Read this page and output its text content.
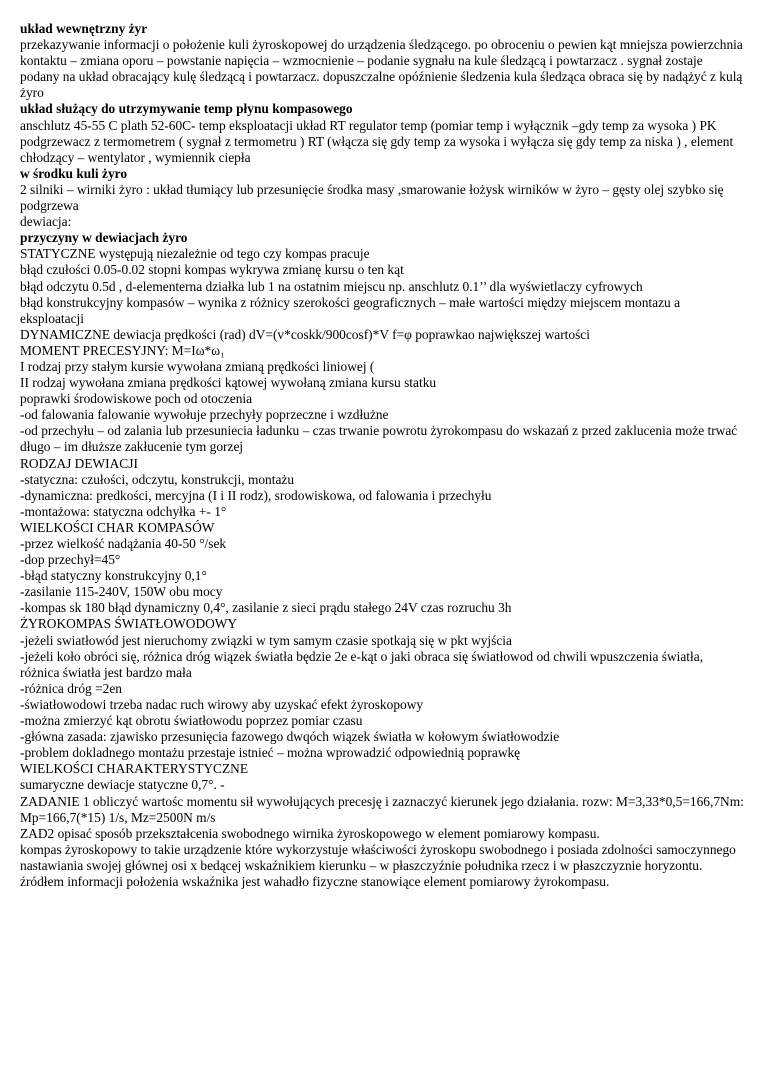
układ wewnętrzny żyr

przekazywanie informacji o położenie kuli żyroskopowej do urządzenia śledzącego. po obroceniu o pewien kąt mniejsza powierzchnia kontaktu – zmiana oporu – powstanie napięcia – wzmocnienie – podanie sygnału na kule śledzącą i powtarzacz . sygnał zostaje podany na układ obracający kulę śledzącą i powtarzacz. dopuszczalne opóźnienie śledzenia kula śledząca obraca się by nadążyć z kulą żyro

układ służący do utrzymywanie temp płynu kompasowego

anschlutz 45-55 C plath 52-60C- temp eksploatacji układ RT regulator temp (pomiar temp i wyłącznik –gdy temp za wysoka ) PK podgrzewacz z termometrem ( sygnał z termometru ) RT (włącza się gdy temp za wysoka i wyłącza się gdy temp za niska ) , element chłodzący – wentylator , wymiennik ciepła

w środku kuli żyro

2 silniki – wirniki żyro : układ tłumiący lub przesunięcie środka masy ,smarowanie łożysk wirników w żyro – gęsty olej szybko się podgrzewa

dewiacja:

przyczyny w dewiacjach żyro

STATYCZNE występują niezależnie od tego czy kompas pracuje

błąd czułości 0.05-0.02 stopni kompas wykrywa zmianę kursu o ten kąt

błąd odczytu 0.5d , d-elementerna działka lub 1 na ostatnim miejscu np. anschlutz 0.1’’ dla wyświetlaczy cyfrowych

błąd konstrukcyjny kompasów – wynika z różnicy szerokości geograficznych – małe wartości między miejscem montazu a eksploatacji

DYNAMICZNE dewiacja prędkości (rad) dV=(v*coskk/900cosf)*V f=φ poprawkao największej wartości

MOMENT PRECESYJNY: M=Iω*ω₁

I rodzaj przy stałym kursie wywołana zmianą prędkości liniowej (

II rodzaj wywołana zmiana prędkości kątowej wywołaną zmiana kursu statku

poprawki środowiskowe poch od otoczenia

-od falowania falowanie wywołuje przechyły poprzeczne i wzdłużne

-od przechyłu – od zalania lub przesuniecia ładunku – czas trwanie powrotu żyrokompasu do wskazań z przed zaklucenia może trwać długo – im dłuższe zakłucenie tym gorzej

RODZAJ DEWIACJI

-statyczna: czułości, odczytu, konstrukcji, montażu

-dynamiczna: predkości, mercyjna (I i II rodz), srodowiskowa, od falowania i przechyłu

-montażowa: statyczna odchyłka +- 1°

WIELKOŚCI CHAR KOMPASÓW

-przez wielkość nadążania 40-50 °/sek

-dop przechył=45°

-błąd statyczny konstrukcyjny 0,1°

-zasilanie 115-240V, 150W obu mocy

-kompas sk 180 błąd dynamiczny 0,4°, zasilanie z sieci prądu stałego 24V czas rozruchu 3h

ŻYROKOMPAS ŚWIATŁOWODOWY

-jeżeli swiatłowód jest nieruchomy związki w tym samym czasie spotkają się w pkt wyjścia

-jeżeli koło obróci się, różnica dróg wiązek światła będzie 2e e-kąt o jaki obraca się światłowod od chwili wpuszczenia światła, różnica światła jest bardzo mała

-różnica dróg =2en

-światłowodowi trzeba nadac ruch wirowy aby uzyskać efekt żyroskopowy

-można zmierzyć kąt obrotu światłowodu poprzez pomiar czasu

-główna zasada: zjawisko przesunięcia fazowego dwqóch wiązek światła w kołowym światłowodzie

-problem dokladnego montażu przestaje istnieć – można wprowadzić odpowiednią poprawkę

WIELKOŚCI CHARAKTERYSTYCZNE

sumaryczne dewiacje statyczne 0,7°. -

ZADANIE 1 obliczyć wartośc momentu sił wywołujących precesję i zaznaczyć kierunek jego działania. rozw: M=3,33*0,5=166,7Nm: Mp=166,7(*15) 1/s, Mz=2500N m/s

ZAD2 opisać sposób przekształcenia swobodnego wirnika żyroskopowego w element pomiarowy kompasu.

kompas żyroskopowy to takie urządzenie które wykorzystuje właściwości żyroskopu swobodnego i posiada zdolności samoczynnego nastawiania swojej głównej osi x bedącej wskaźnikiem kierunku – w płaszczyźnie południka rzecz i w płaszczyznie horyzontu. źródłem informacji położenia wskaźnika jest wahadło fizyczne stanowiące element pomiarowy żyrokompasu.
